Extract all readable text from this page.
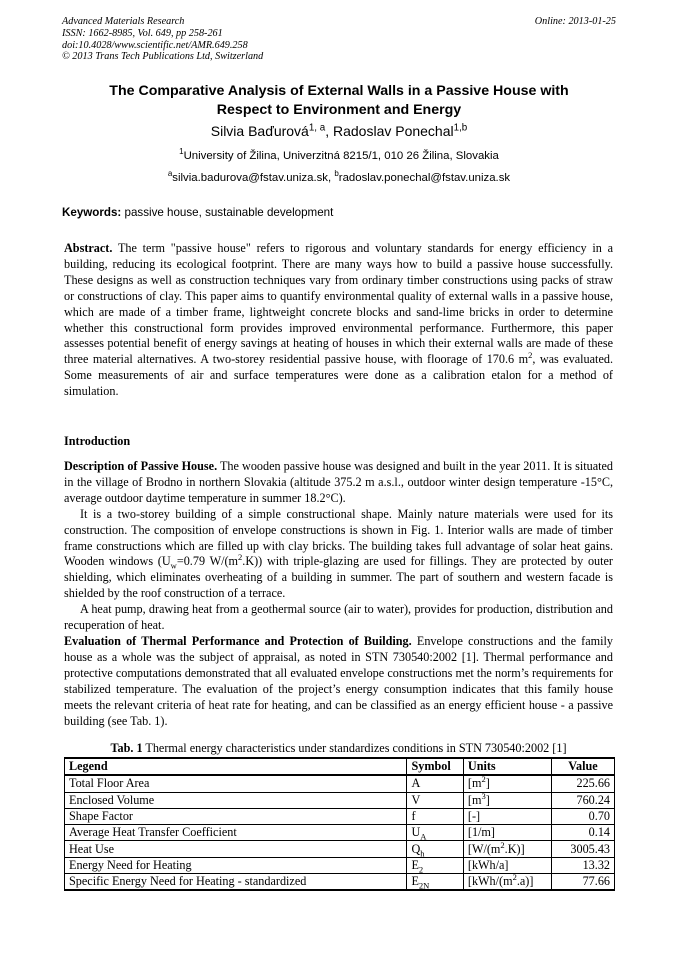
Advanced Materials Research
ISSN: 1662-8985, Vol. 649, pp 258-261
doi:10.4028/www.scientific.net/AMR.649.258
© 2013 Trans Tech Publications Ltd, Switzerland
Online: 2013-01-25
The Comparative Analysis of External Walls in a Passive House with
Respect to Environment and Energy
Silvia Baďurová$^{1, a}$, Radoslav Ponechal$^{1,b}$
$^1$University of Žilina, Univerzitná 8215/1, 010 26 Žilina, Slovakia
$^a$silvia.badurova@fstav.uniza.sk, $^b$radoslav.ponechal@fstav.uniza.sk
Keywords: passive house, sustainable development
Abstract. The term "passive house" refers to rigorous and voluntary standards for energy efficiency in a building, reducing its ecological footprint. There are many ways how to build a passive house successfully. These designs as well as construction techniques vary from ordinary timber constructions using packs of straw or constructions of clay. This paper aims to quantify environmental quality of external walls in a passive house, which are made of a timber frame, lightweight concrete blocks and sand-lime bricks in order to determine whether this constructional form provides improved environmental performance. Furthermore, this paper assesses potential benefit of energy savings at heating of houses in which their external walls are made of these three material alternatives. A two-storey residential passive house, with floorage of 170.6 $m^2$, was evaluated. Some measurements of air and surface temperatures were done as a calibration etalon for a method of simulation.
Introduction

Description of Passive House. The wooden passive house was designed and built in the year 2011. It is situated in the village of Brodno in northern Slovakia (altitude 375.2 m a.s.l., outdoor winter design temperature -15°C, average outdoor daytime temperature in summer 18.2°C).

It is a two-storey building of a simple constructional shape. Mainly nature materials were used for its construction. The composition of envelope constructions is shown in Fig. 1. Interior walls are made of timber frame constructions which are filled up with clay bricks. The building takes full advantage of solar heat gains. Wooden windows ($U_w=0.79$ $W/(m^2.K)$) with triple-glazing are used for fillings. They are protected by outer shielding, which eliminates overheating of a building in summer. The part of southern and western facade is shielded by the roof construction of a terrace.

A heat pump, drawing heat from a geothermal source (air to water), provides for production, distribution and recuperation of heat.

Evaluation of Thermal Performance and Protection of Building. Envelope constructions and the family house as a whole was the subject of appraisal, as noted in STN 730540:2002 [1]. Thermal performance and protective computations demonstrated that all evaluated envelope constructions met the norm’s requirements for stabilized temperature. The evaluation of the project’s energy consumption indicates that this family house meets the relevant criteria of heat rate for heating, and can be classified as an energy efficient house - a passive building (see Tab. 1).

Tab. 1 Thermal energy characteristics under standardizes conditions in STN 730540:2002 [1]
Legend	Symbol	Units	Value
Total Floor Area	A	$[m^2]$	225.66
Enclosed Volume	V	$[m^3]$	760.24
Shape Factor	f	[-]	0.70
Average Heat Transfer Coefficient	$U_A$	[1/m]	0.14
Heat Use	$Q_h$	$[W/(m^2.K)]$	3005.43
Energy Need for Heating	$E_2$	[kWh/a]	13.32
Specific Energy Need for Heating - standardized	$E_{2N}$	$[kWh/(m^2.a)]$	77.66
